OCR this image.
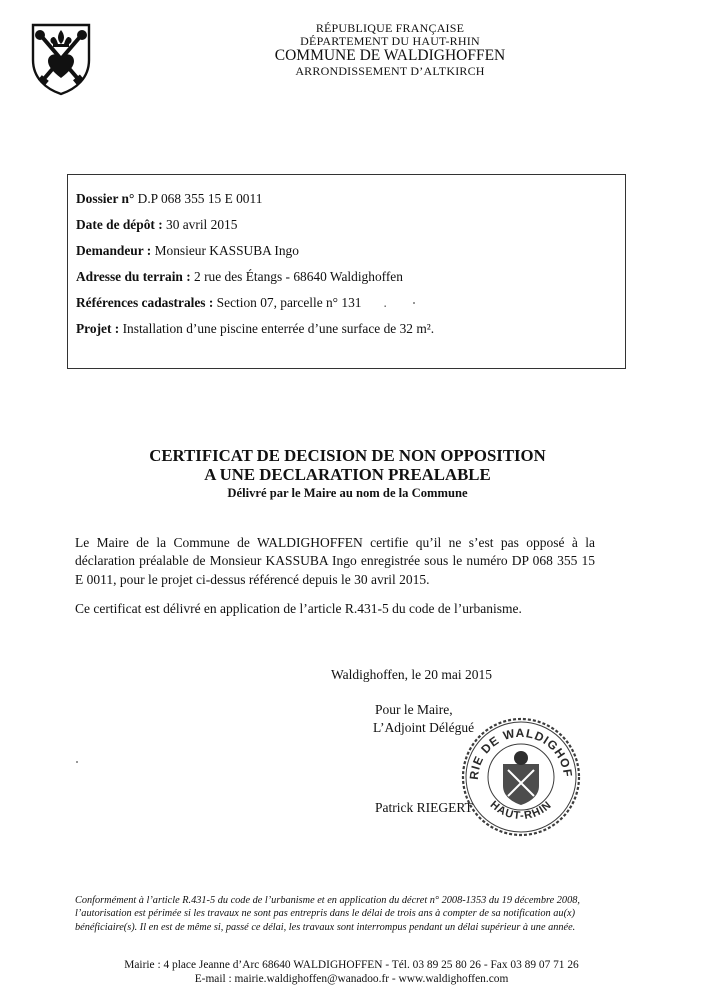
RÉPUBLIQUE FRANÇAISE
DÉPARTEMENT DU HAUT-RHIN
COMMUNE DE WALDIGHOFFEN
ARRONDISSEMENT D’ALTKIRCH
Dossier n° D.P 068 355 15 E 0011
Date de dépôt : 30 avril 2015
Demandeur : Monsieur KASSUBA Ingo
Adresse du terrain : 2 rue des Étangs - 68640 Waldighoffen
Références cadastrales : Section 07, parcelle n° 131 .
Projet : Installation d’une piscine enterrée d’une surface de 32 m².
CERTIFICAT DE DECISION DE NON OPPOSITION
A UNE DECLARATION PREALABLE
Délivré par le Maire au nom de la Commune
Le Maire de la Commune de WALDIGHOFFEN certifie qu’il ne s’est pas opposé à la déclaration préalable de Monsieur KASSUBA Ingo enregistrée sous le numéro DP 068 355 15 E 0011, pour le projet ci-dessus référencé depuis le 30 avril 2015.
Ce certificat est délivré en application de l’article R.431-5 du code de l’urbanisme.
Waldighoffen, le 20 mai 2015
Pour le Maire,
L’Adjoint Délégué
Patrick RIEGERT
RIE DE WALDIGHOF
HAUT-RHIN
Conformément à l’article R.431-5 du code de l’urbanisme et en application du décret n° 2008-1353 du 19 décembre 2008, l’autorisation est périmée si les travaux ne sont pas entrepris dans le délai de trois ans à compter de sa notification au(x) bénéficiaire(s). Il en est de même si, passé ce délai, les travaux sont interrompus pendant un délai supérieur à une année.
Mairie : 4 place Jeanne d’Arc 68640 WALDIGHOFFEN - Tél. 03 89 25 80 26 - Fax 03 89 07 71 26
E-mail : mairie.waldighoffen@wanadoo.fr - www.waldighoffen.com
